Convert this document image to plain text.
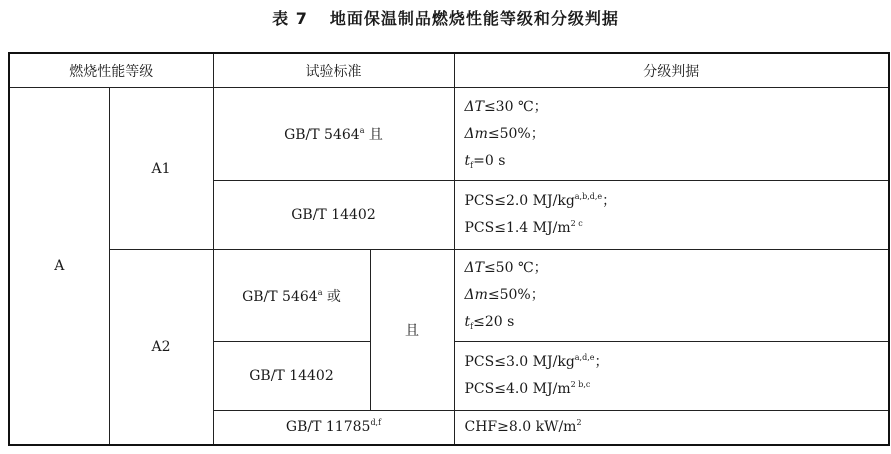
表 7 地面保温制品燃烧性能等级和分级判据
燃烧性能等级		试验标准		分级判据
A	A1	GB/T 5464$^a$ 且		ΔT≤30 ℃；
Δm≤50%；
$t_f=0$ s

		GB/T 14402		PCS≤2.0 MJ/kg$^{a,b,d,e}$；
PCS≤1.4 $MJ/m^{2 c}$

	A2	GB/T 5464$^a$ 或	且	ΔT≤50 ℃；
Δm≤50%；
$t_f\le 20$ s

		GB/T 14402		PCS≤3.0 MJ/kg$^{a,d,e}$；
PCS≤4.0 $MJ/m^{2 b,c}$

		GB/T 11785$^{d,f}$		CHF≥8.0 $kW/m^2$
